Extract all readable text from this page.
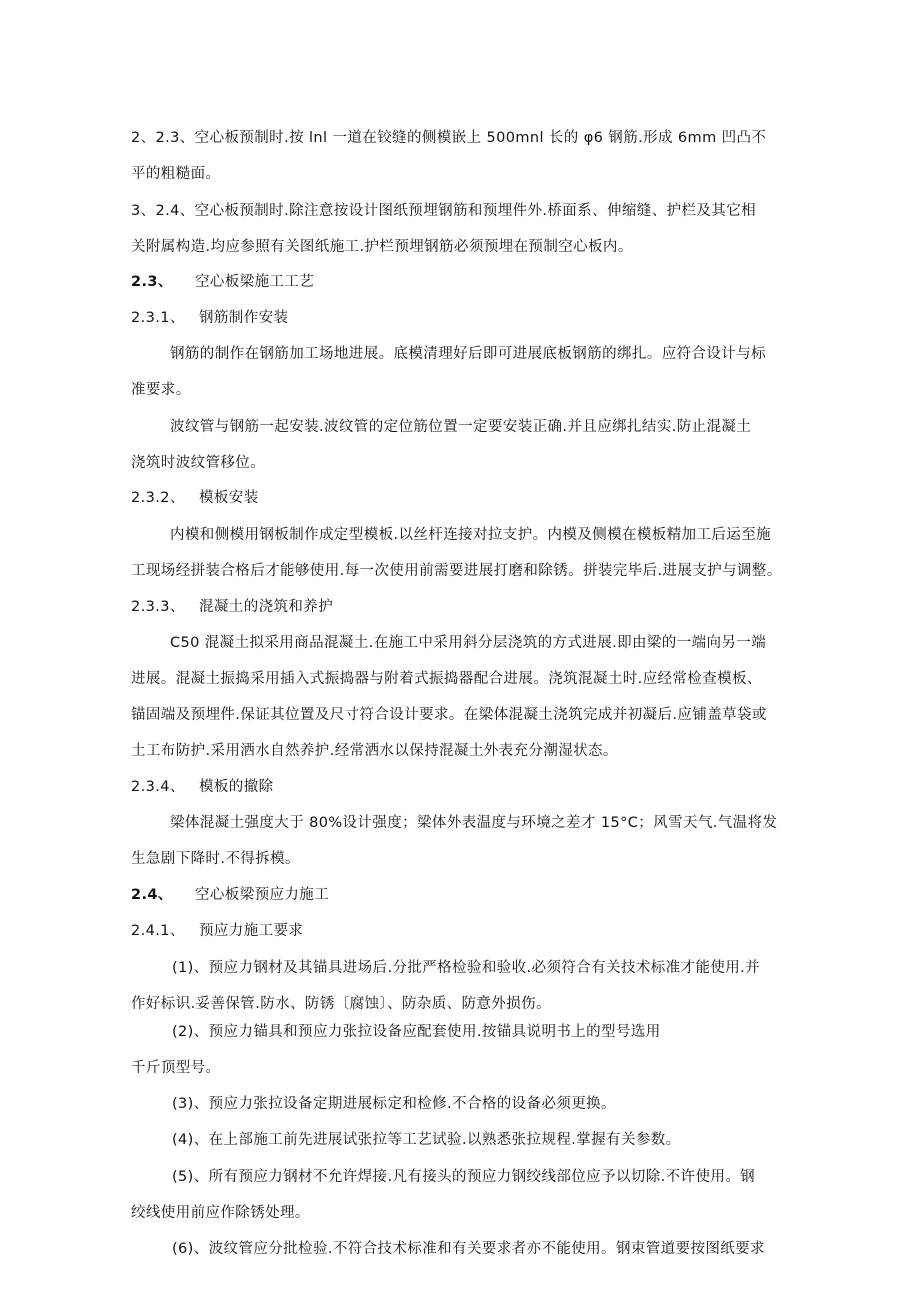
2、2.3、空心板预制时.按 lnl 一道在铰缝的侧模嵌上 500mnl 长的 φ6 钢筋.形成 6mm 凹凸不
平的粗糙面。
3、2.4、空心板预制时.除注意按设计图纸预埋钢筋和预埋件外.桥面系、伸缩缝、护栏及其它相
关附属构造.均应参照有关图纸施工.护栏预埋钢筋必须预埋在预制空心板内。
2.3、 空心板梁施工工艺
2.3.1、 钢筋制作安装
钢筋的制作在钢筋加工场地进展。底模清理好后即可进展底板钢筋的绑扎。应符合设计与标
准要求。
波纹管与钢筋一起安装.波纹管的定位筋位置一定要安装正确.并且应绑扎结实.防止混凝土
浇筑时波纹管移位。
2.3.2、 模板安装
内模和侧模用钢板制作成定型模板.以丝杆连接对拉支护。内模及侧模在模板精加工后运至施
工现场经拼装合格后才能够使用.每一次使用前需要进展打磨和除锈。拼装完毕后.进展支护与调整。
2.3.3、 混凝土的浇筑和养护
C50 混凝土拟采用商品混凝土.在施工中采用斜分层浇筑的方式进展.即由梁的一端向另一端
进展。混凝土振捣采用插入式振捣器与附着式振捣器配合进展。浇筑混凝土时.应经常检查模板、
锚固端及预埋件.保证其位置及尺寸符合设计要求。在梁体混凝土浇筑完成并初凝后.应铺盖草袋或
土工布防护.采用洒水自然养护.经常洒水以保持混凝土外表充分潮湿状态。
2.3.4、 模板的撤除
梁体混凝土强度大于 80%设计强度；梁体外表温度与环境之差才 15°C；风雪天气.气温将发
生急剧下降时.不得拆模。
2.4、 空心板梁预应力施工
2.4.1、 预应力施工要求
(1)、预应力钢材及其锚具进场后.分批严格检验和验收.必须符合有关技术标准才能使用.并
作好标识.妥善保管.防水、防锈〔腐蚀〕、防杂质、防意外损伤。
(2)、预应力锚具和预应力张拉设备应配套使用.按锚具说明书上的型号选用
千斤顶型号。
(3)、预应力张拉设备定期进展标定和检修.不合格的设备必须更换。
(4)、在上部施工前先进展试张拉等工艺试验.以熟悉张拉规程.掌握有关参数。
(5)、所有预应力钢材不允许焊接.凡有接头的预应力钢绞线部位应予以切除.不许使用。钢
绞线使用前应作除锈处理。
(6)、波纹管应分批检验.不符合技术标准和有关要求者亦不能使用。钢束管道要按图纸要求
